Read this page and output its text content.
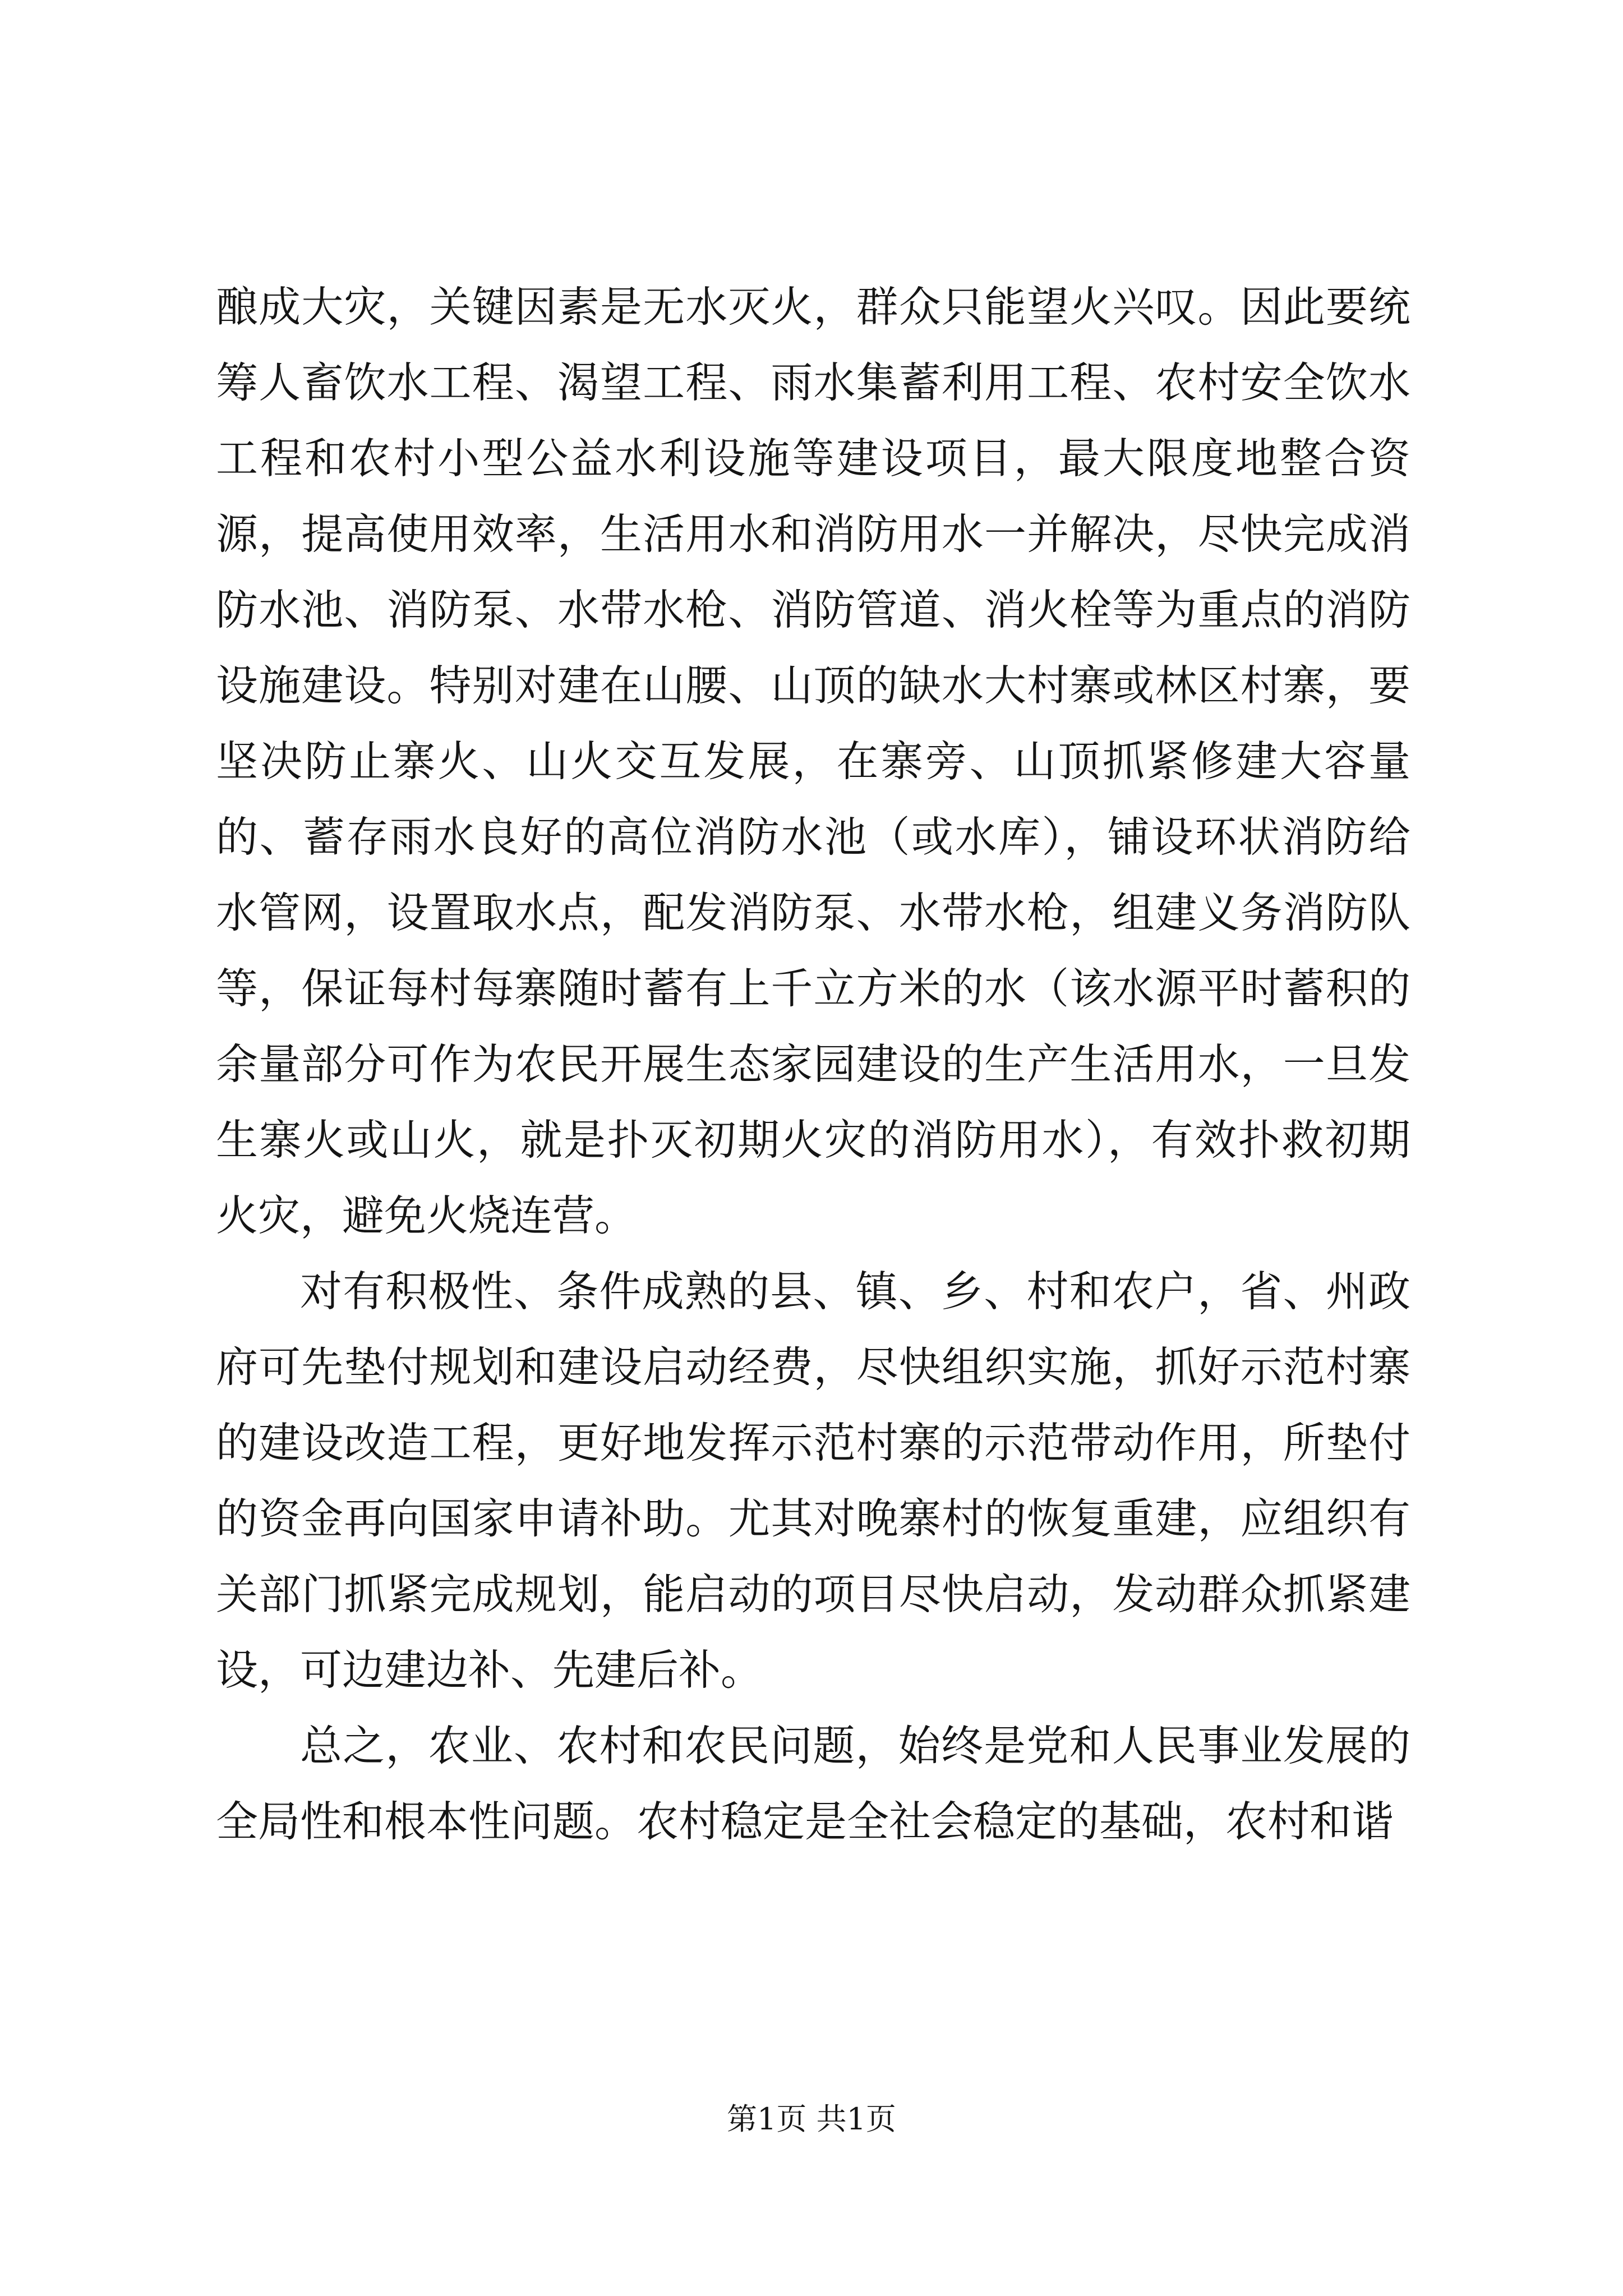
酿成大灾，关键因素是无水灭火，群众只能望火兴叹。因此要统筹人畜饮水工程、渴望工程、雨水集蓄利用工程、农村安全饮水工程和农村小型公益水利设施等建设项目，最大限度地整合资源，提高使用效率，生活用水和消防用水一并解决，尽快完成消防水池、消防泵、水带水枪、消防管道、消火栓等为重点的消防设施建设。特别对建在山腰、山顶的缺水大村寨或林区村寨，要坚决防止寨火、山火交互发展，在寨旁、山顶抓紧修建大容量的、蓄存雨水良好的高位消防水池（或水库），铺设环状消防给水管网，设置取水点，配发消防泵、水带水枪，组建义务消防队等，保证每村每寨随时蓄有上千立方米的水（该水源平时蓄积的余量部分可作为农民开展生态家园建设的生产生活用水，一旦发生寨火或山火，就是扑灭初期火灾的消防用水），有效扑救初期火灾，避免火烧连营。

对有积极性、条件成熟的县、镇、乡、村和农户，省、州政府可先垫付规划和建设启动经费，尽快组织实施，抓好示范村寨的建设改造工程，更好地发挥示范村寨的示范带动作用，所垫付的资金再向国家申请补助。尤其对晚寨村的恢复重建，应组织有关部门抓紧完成规划，能启动的项目尽快启动，发动群众抓紧建设，可边建边补、先建后补。

总之，农业、农村和农民问题，始终是党和人民事业发展的全局性和根本性问题。农村稳定是全社会稳定的基础，农村和谐

第1页 共1页
